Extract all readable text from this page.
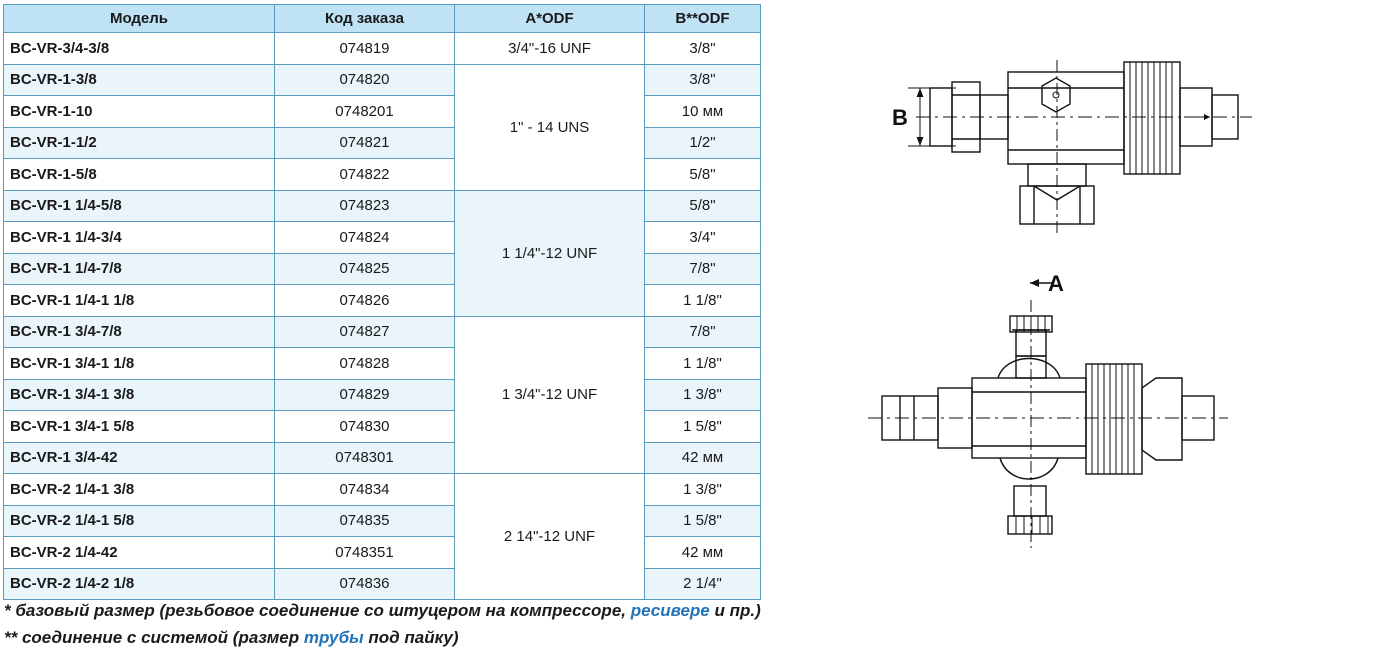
Модель	Код заказа	A*ODF	B**ODF
BC-VR-3/4-3/8	074819	3/4"-16 UNF	3/8"
BC-VR-1-3/8	074820	1" - 14 UNS	3/8"
BC-VR-1-10	0748201		10 мм
BC-VR-1-1/2	074821		1/2"
BC-VR-1-5/8	074822		5/8"
BC-VR-1 1/4-5/8	074823	1 1/4"-12 UNF	5/8"
BC-VR-1 1/4-3/4	074824		3/4"
BC-VR-1 1/4-7/8	074825		7/8"
BC-VR-1 1/4-1 1/8	074826		1 1/8"
BC-VR-1 3/4-7/8	074827	1 3/4"-12 UNF	7/8"
BC-VR-1 3/4-1 1/8	074828		1 1/8"
BC-VR-1 3/4-1 3/8	074829		1 3/8"
BC-VR-1 3/4-1 5/8	074830		1 5/8"
BC-VR-1 3/4-42	0748301		42 мм
BC-VR-2 1/4-1 3/8	074834	2 14"-12 UNF	1 3/8"
BC-VR-2 1/4-1 5/8	074835		1 5/8"
BC-VR-2 1/4-42	0748351		42 мм
BC-VR-2 1/4-2 1/8	074836		2 1/4"
* базовый размер (резьбовое соединение со штуцером на компрессоре, ресивере и пр.)
** соединение с системой (размер трубы под пайку)
B
A
